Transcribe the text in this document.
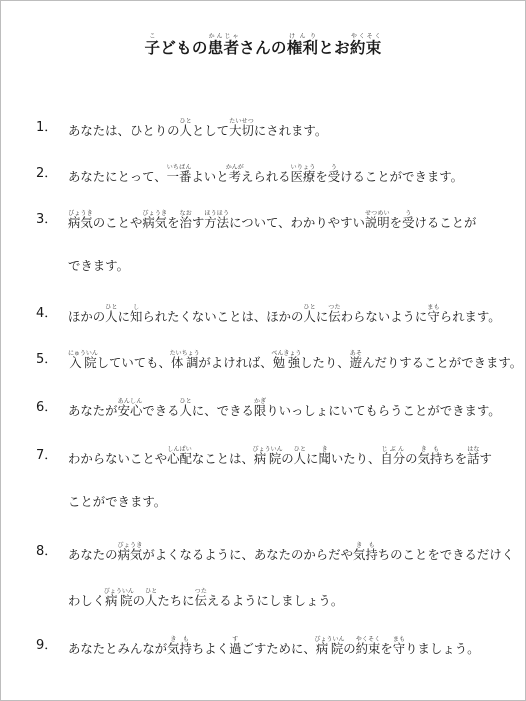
子こどもの患者かんじゃさんの権利けんりとお約束やくそく
1． あなたは、ひとりの人ひととして大切たいせつにされます。
2． あなたにとって、一番いちばんよいと考かんがえられる医療いりょうを受うけることができます。
3． 病気びょうきのことや病気びょうきを治なおす方法ほうほうについて、わかりやすい説明せつめいを受うけることが
できます。
4． ほかの人ひとに知しられたくないことは、ほかの人ひとに伝つたわらないように守まもられます。
5． 入院にゅういんしていても、体調たいちょうがよければ、勉強べんきょうしたり、遊あそんだりすることができます。
6． あなたが安心あんしんできる人ひとに、できる限かぎりいっしょにいてもらうことができます。
7． わからないことや心配しんぱいなことは、病院びょういんの人ひとに聞きいたり、自分じぶんの気持きもちを話はなす
ことができます。
8． あなたの病気びょうきがよくなるように、あなたのからだや気持きもちのことをできるだけく
わしく病院びょういんの人ひとたちに伝つたえるようにしましょう。
9． あなたとみんなが気持きもちよく過すごすために、病院びょういんの約束やくそくを守まもりましょう。
